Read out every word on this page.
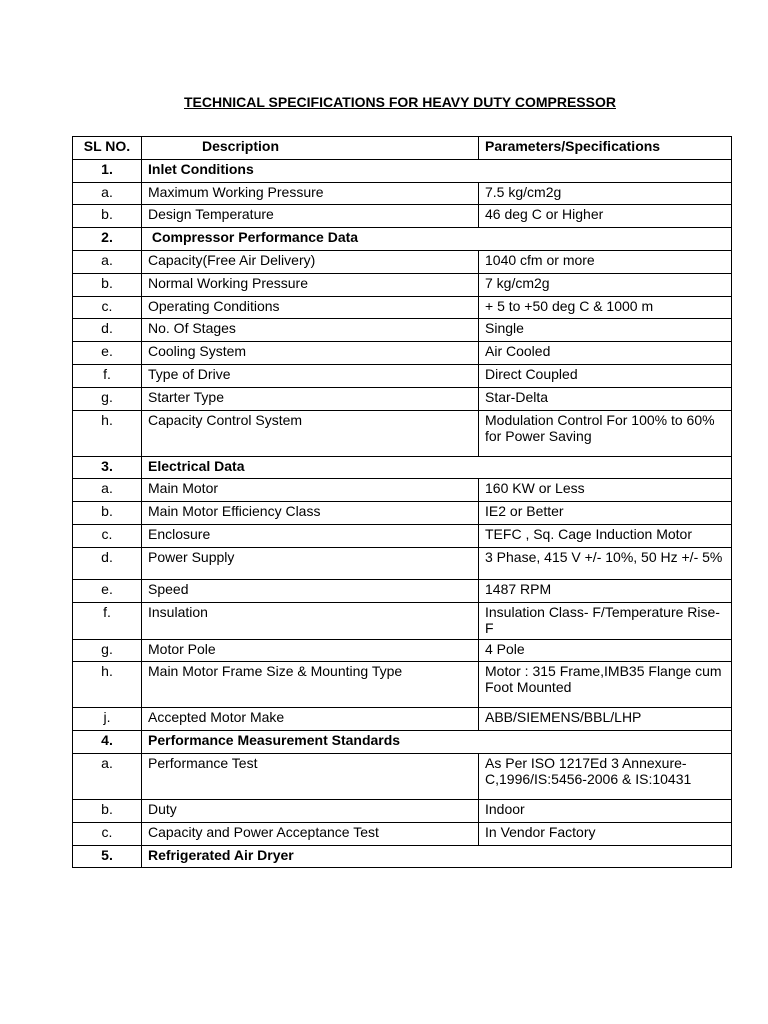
TECHNICAL SPECIFICATIONS FOR HEAVY DUTY COMPRESSOR
SL NO.	Description	Parameters/Specifications
1.	Inlet Conditions	
a.	Maximum Working Pressure	7.5 kg/cm2g
b.	Design Temperature	46 deg C or Higher
2.	Compressor Performance Data	
a.	Capacity(Free Air Delivery)	1040 cfm or more
b.	Normal Working Pressure	7 kg/cm2g
c.	Operating Conditions	+ 5 to +50 deg C & 1000 m
d.	No. Of Stages	Single
e.	Cooling System	Air Cooled
f.	Type of Drive	Direct Coupled
g.	Starter Type	Star-Delta
h.	Capacity Control System	Modulation Control For 100% to 60% for Power Saving
3.	Electrical Data	
a.	Main Motor	160 KW or Less
b.	Main Motor Efficiency Class	IE2 or Better
c.	Enclosure	TEFC , Sq. Cage Induction Motor
d.	Power Supply	3 Phase, 415 V +/- 10%, 50 Hz +/- 5%
e.	Speed	1487 RPM
f.	Insulation	Insulation Class- F/Temperature Rise-F
g.	Motor Pole	4 Pole
h.	Main Motor Frame Size & Mounting Type	Motor : 315 Frame,IMB35 Flange cum Foot Mounted
j.	Accepted Motor Make	ABB/SIEMENS/BBL/LHP
4.	Performance Measurement Standards	
a.	Performance Test	As Per ISO 1217Ed 3 Annexure-C,1996/IS:5456-2006 & IS:10431
b.	Duty	Indoor
c.	Capacity and Power Acceptance Test	In Vendor Factory
5.	Refrigerated Air Dryer	
